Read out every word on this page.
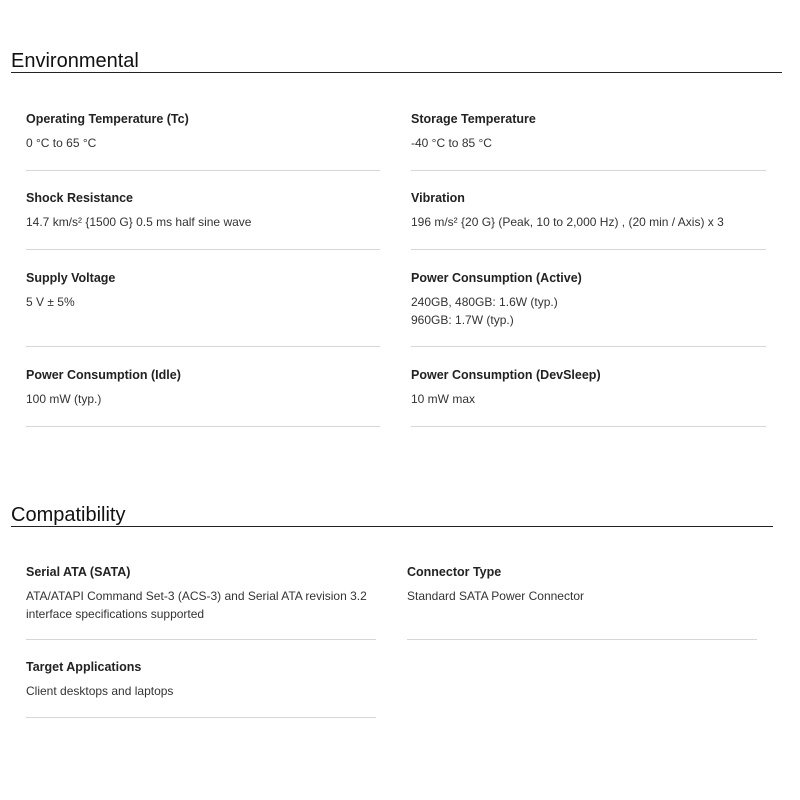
Environmental
Operating Temperature (Tc)
0 °C to 65 °C
Storage Temperature
-40 °C to 85 °C
Shock Resistance
14.7 km/s² {1500 G} 0.5 ms half sine wave
Vibration
196 m/s² {20 G} (Peak, 10 to 2,000 Hz) , (20 min / Axis) x 3
Supply Voltage
5 V ± 5%
Power Consumption (Active)
240GB, 480GB: 1.6W (typ.)
960GB: 1.7W (typ.)
Power Consumption (Idle)
100 mW (typ.)
Power Consumption (DevSleep)
10 mW max
Compatibility
Serial ATA (SATA)
ATA/ATAPI Command Set-3 (ACS-3) and Serial ATA revision 3.2
interface specifications supported
Connector Type
Standard SATA Power Connector
Target Applications
Client desktops and laptops
